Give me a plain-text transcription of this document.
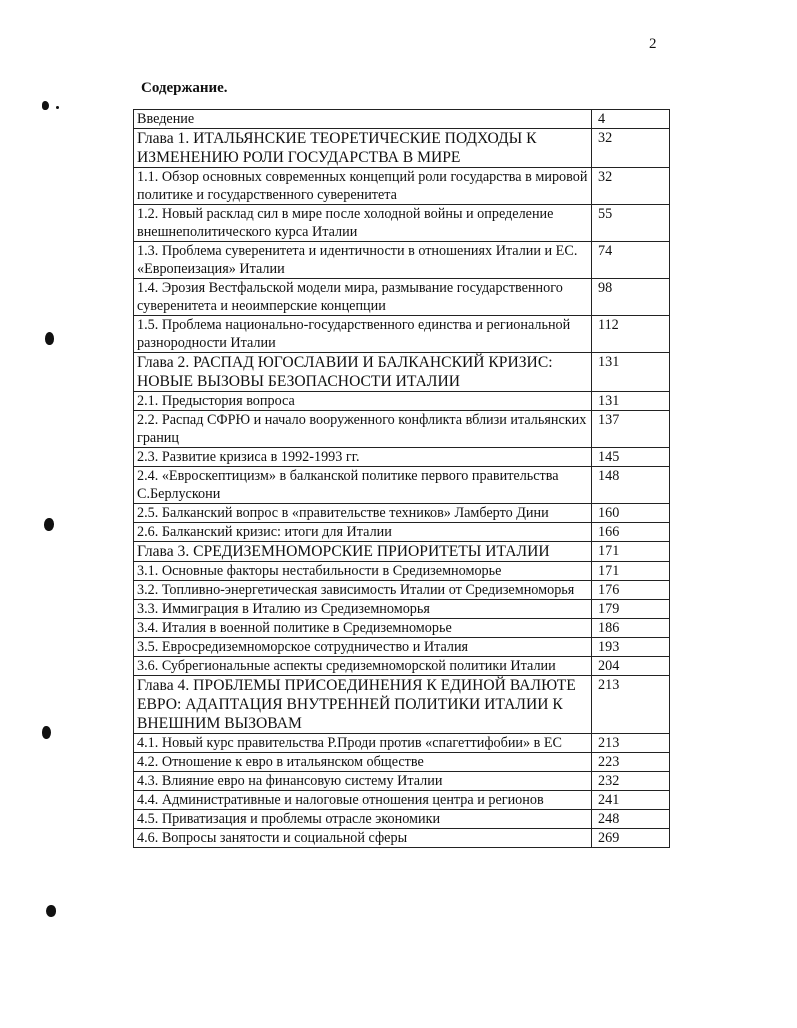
2
Содержание.
Введение	4
Глава 1. ИТАЛЬЯНСКИЕ ТЕОРЕТИЧЕСКИЕ ПОДХОДЫ К ИЗМЕНЕНИЮ РОЛИ ГОСУДАРСТВА В МИРЕ	32
1.1. Обзор основных современных концепций роли государства в мировой политике и государственного суверенитета	32
1.2. Новый расклад сил в мире после холодной войны и определение внешнеполитического курса Италии	55
1.3. Проблема суверенитета и идентичности в отношениях Италии и ЕС. «Европеизация» Италии	74
1.4. Эрозия Вестфальской модели мира, размывание государственного суверенитета и неоимперские концепции	98
1.5. Проблема национально-государственного единства и региональной разнородности Италии	112
Глава 2. РАСПАД ЮГОСЛАВИИ И БАЛКАНСКИЙ КРИЗИС: НОВЫЕ ВЫЗОВЫ БЕЗОПАСНОСТИ ИТАЛИИ	131
2.1. Предыстория вопроса	131
2.2. Распад СФРЮ и начало вооруженного конфликта вблизи итальянских границ	137
2.3. Развитие кризиса в 1992-1993 гг.	145
2.4. «Евроскептицизм» в балканской политике первого правительства С.Берлускони	148
2.5. Балканский вопрос в «правительстве техников» Ламберто Дини	160
2.6. Балканский кризис: итоги для Италии	166
Глава 3. СРЕДИЗЕМНОМОРСКИЕ ПРИОРИТЕТЫ ИТАЛИИ	171
3.1. Основные факторы нестабильности в Средиземноморье	171
3.2. Топливно-энергетическая зависимость Италии от Средиземноморья	176
3.3. Иммиграция в Италию из Средиземноморья	179
3.4. Италия в военной политике в Средиземноморье	186
3.5. Евросредиземноморское сотрудничество и Италия	193
3.6. Субрегиональные аспекты средиземноморской политики Италии	204
Глава 4. ПРОБЛЕМЫ ПРИСОЕДИНЕНИЯ К ЕДИНОЙ ВАЛЮТЕ ЕВРО: АДАПТАЦИЯ ВНУТРЕННЕЙ ПОЛИТИКИ ИТАЛИИ К ВНЕШНИМ ВЫЗОВАМ	213
4.1. Новый курс правительства Р.Проди против «спагеттифобии» в ЕС	213
4.2. Отношение к евро в итальянском обществе	223
4.3. Влияние евро на финансовую систему Италии	232
4.4. Административные и налоговые отношения центра и регионов	241
4.5. Приватизация и проблемы отрасле экономики	248
4.6. Вопросы занятости и социальной сферы	269
